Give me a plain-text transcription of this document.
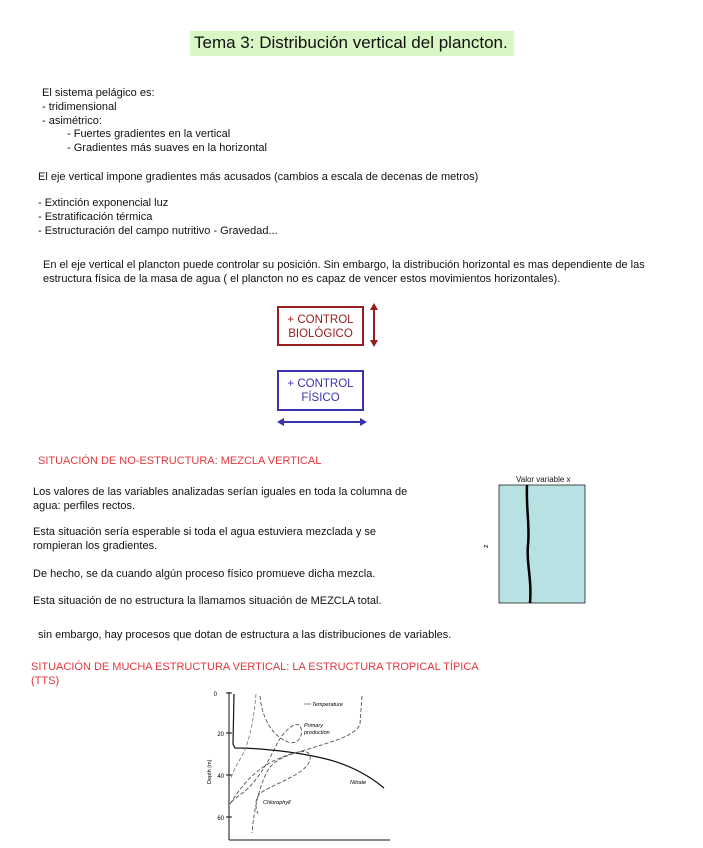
Tema 3: Distribución vertical del plancton.
El sistema pelágico es:
- tridimensional
- asimétrico:
- Fuertes gradientes en la vertical
- Gradientes más suaves en la horizontal
El eje vertical impone gradientes más acusados (cambios a escala de decenas de metros)
- Extinción exponencial luz
- Estratificación térmica
- Estructuración del campo nutritivo - Gravedad...
En el eje vertical el plancton puede controlar su posición. Sin embargo, la distribución horizontal es mas dependiente de las
estructura física de la masa de agua ( el plancton no es capaz de vencer estos movimientos horizontales).
+ CONTROL
BIOLÓGICO
+ CONTROL
FÍSICO
SITUACIÓN DE NO-ESTRUCTURA: MEZCLA VERTICAL
Los valores de las variables analizadas serían iguales en toda la columna de
agua: perfiles rectos.
Esta situación sería esperable si toda el agua estuviera mezclada y se
rompieran los gradientes.
De hecho, se da cuando algún proceso físico promueve dicha mezcla.
Esta situación de no estructura la llamamos situación de MEZCLA total.
sin embargo, hay procesos que dotan de estructura a las distribuciones de variables.
Valor variable x
z
SITUACIÓN DE MUCHA ESTRUCTURA VERTICAL: LA ESTRUCTURA TROPICAL TÍPICA
(TTS)
0
20
40
60
Depth (m)
Temperature
Primary
production
Nitrate
Chlorophyll
